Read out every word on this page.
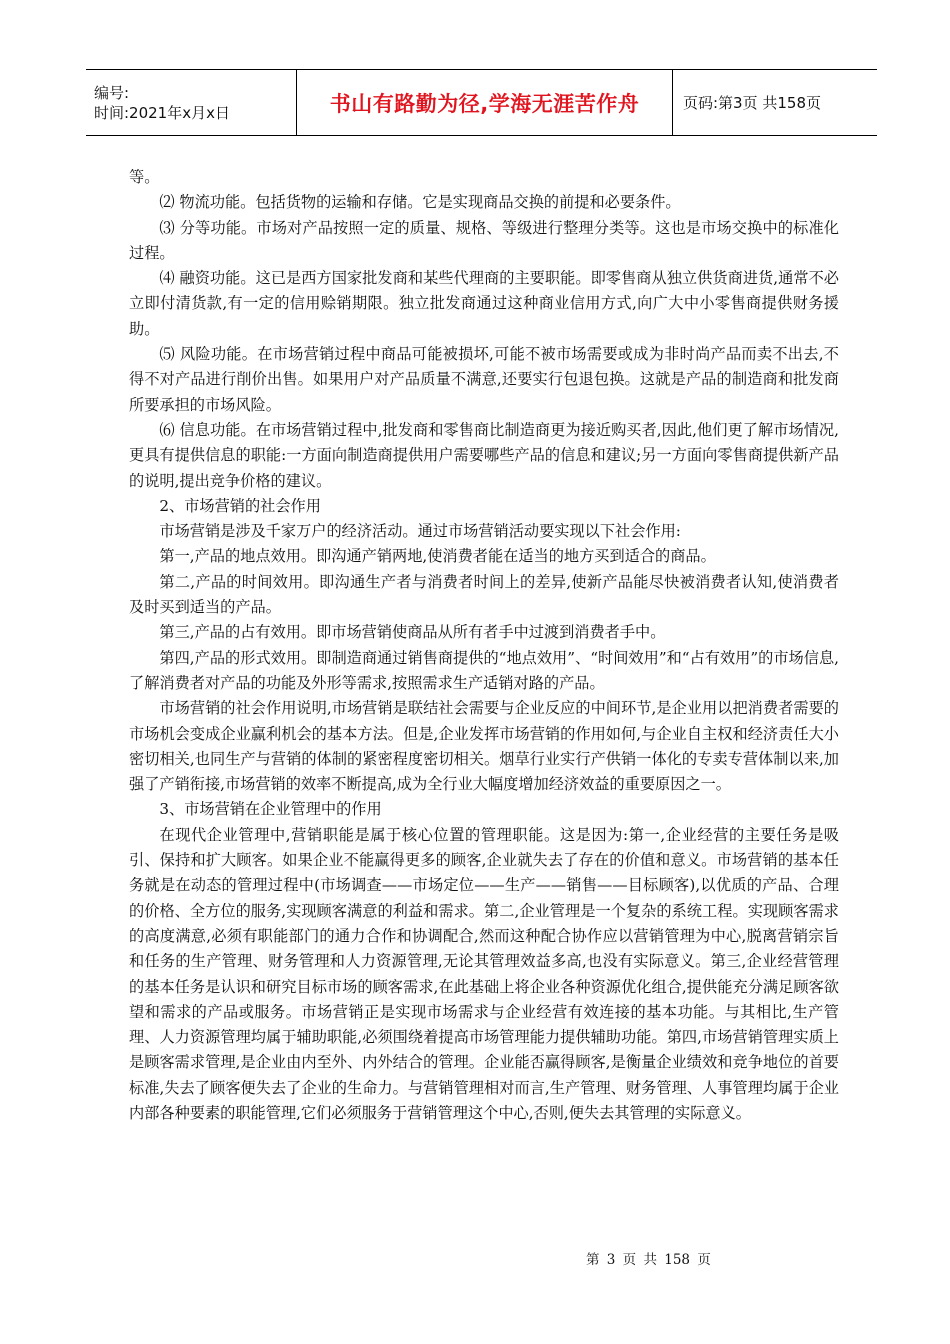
编号:
时间:2021年x月x日	书山有路勤为径,学海无涯苦作舟	页码:第3页 共158页

等。

⑵ 物流功能。包括货物的运输和存储。它是实现商品交换的前提和必要条件。

⑶ 分等功能。市场对产品按照一定的质量、规格、等级进行整理分类等。这也是市场交换中的标准化过程。

⑷ 融资功能。这已是西方国家批发商和某些代理商的主要职能。即零售商从独立供货商进货,通常不必立即付清货款,有一定的信用赊销期限。独立批发商通过这种商业信用方式,向广大中小零售商提供财务援助。

⑸ 风险功能。在市场营销过程中商品可能被损坏,可能不被市场需要或成为非时尚产品而卖不出去,不得不对产品进行削价出售。如果用户对产品质量不满意,还要实行包退包换。这就是产品的制造商和批发商所要承担的市场风险。

⑹ 信息功能。在市场营销过程中,批发商和零售商比制造商更为接近购买者,因此,他们更了解市场情况,更具有提供信息的职能:一方面向制造商提供用户需要哪些产品的信息和建议;另一方面向零售商提供新产品的说明,提出竞争价格的建议。

2、市场营销的社会作用

市场营销是涉及千家万户的经济活动。通过市场营销活动要实现以下社会作用:

第一,产品的地点效用。即沟通产销两地,使消费者能在适当的地方买到适合的商品。

第二,产品的时间效用。即沟通生产者与消费者时间上的差异,使新产品能尽快被消费者认知,使消费者及时买到适当的产品。

第三,产品的占有效用。即市场营销使商品从所有者手中过渡到消费者手中。

第四,产品的形式效用。即制造商通过销售商提供的“地点效用”、“时间效用”和“占有效用”的市场信息,了解消费者对产品的功能及外形等需求,按照需求生产适销对路的产品。

市场营销的社会作用说明,市场营销是联结社会需要与企业反应的中间环节,是企业用以把消费者需要的市场机会变成企业赢利机会的基本方法。但是,企业发挥市场营销的作用如何,与企业自主权和经济责任大小密切相关,也同生产与营销的体制的紧密程度密切相关。烟草行业实行产供销一体化的专卖专营体制以来,加强了产销衔接,市场营销的效率不断提高,成为全行业大幅度增加经济效益的重要原因之一。

3、市场营销在企业管理中的作用

在现代企业管理中,营销职能是属于核心位置的管理职能。这是因为:第一,企业经营的主要任务是吸引、保持和扩大顾客。如果企业不能赢得更多的顾客,企业就失去了存在的价值和意义。市场营销的基本任务就是在动态的管理过程中(市场调查——市场定位——生产——销售——目标顾客),以优质的产品、合理的价格、全方位的服务,实现顾客满意的利益和需求。第二,企业管理是一个复杂的系统工程。实现顾客需求的高度满意,必须有职能部门的通力合作和协调配合,然而这种配合协作应以营销管理为中心,脱离营销宗旨和任务的生产管理、财务管理和人力资源管理,无论其管理效益多高,也没有实际意义。第三,企业经营管理的基本任务是认识和研究目标市场的顾客需求,在此基础上将企业各种资源优化组合,提供能充分满足顾客欲望和需求的产品或服务。市场营销正是实现市场需求与企业经营有效连接的基本功能。与其相比,生产管理、人力资源管理均属于辅助职能,必须围绕着提高市场管理能力提供辅助功能。第四,市场营销管理实质上是顾客需求管理,是企业由内至外、内外结合的管理。企业能否赢得顾客,是衡量企业绩效和竞争地位的首要标准,失去了顾客便失去了企业的生命力。与营销管理相对而言,生产管理、财务管理、人事管理均属于企业内部各种要素的职能管理,它们必须服务于营销管理这个中心,否则,便失去其管理的实际意义。

第 3 页 共 158 页
